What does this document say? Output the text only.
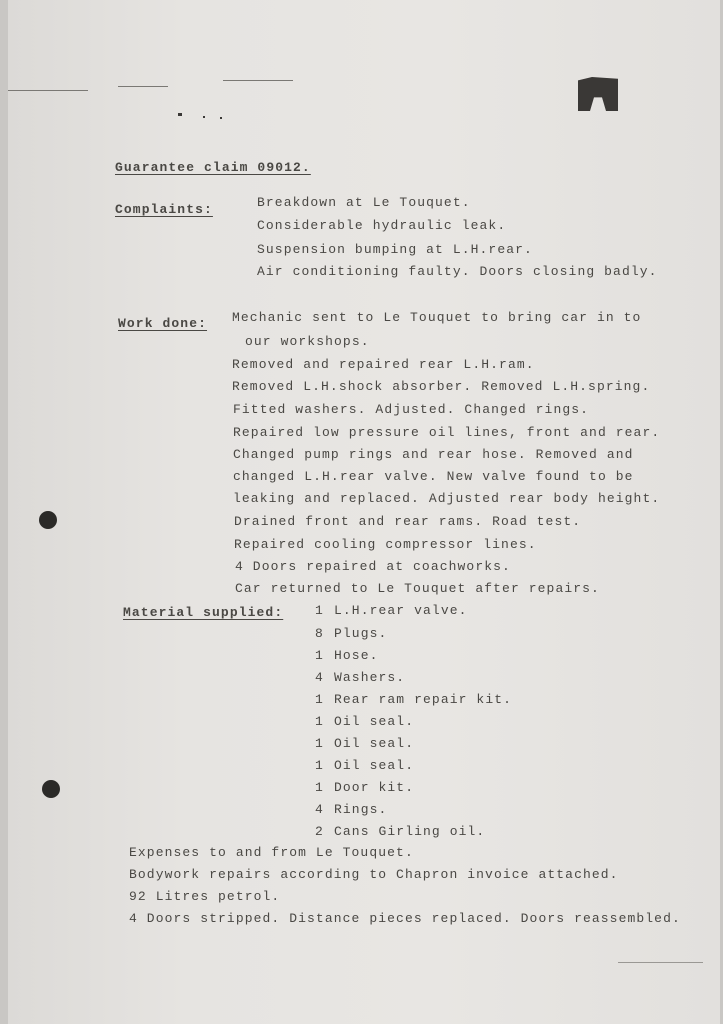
Guarantee claim 09012.
Complaints:	Breakdown at Le Touquet.
Considerable hydraulic leak.
Suspension bumping at L.H.rear.
Air conditioning faulty. Doors closing badly.
Work done: Mechanic sent to Le Touquet to bring car in to
our workshops.
Removed and repaired rear L.H.ram.
Removed L.H.shock absorber. Removed L.H.spring.
Fitted washers. Adjusted. Changed rings.
Repaired low pressure oil lines, front and rear.
Changed pump rings and rear hose. Removed and
changed L.H.rear valve. New valve found to be
leaking and replaced. Adjusted rear body height.
Drained front and rear rams. Road test.
Repaired cooling compressor lines.
4 Doors repaired at coachworks.
Car returned to Le Touquet after repairs.
Material supplied: 1 L.H.rear valve.
8 Plugs.
1 Hose.
4 Washers.
1 Rear ram repair kit.
1 Oil seal.
1 Oil seal.
1 Oil seal.
1 Door kit.
4 Rings.
2 Cans Girling oil.
Expenses to and from Le Touquet.
Bodywork repairs according to Chapron invoice attached.
92 Litres petrol.
4 Doors stripped. Distance pieces replaced. Doors reassembled.
